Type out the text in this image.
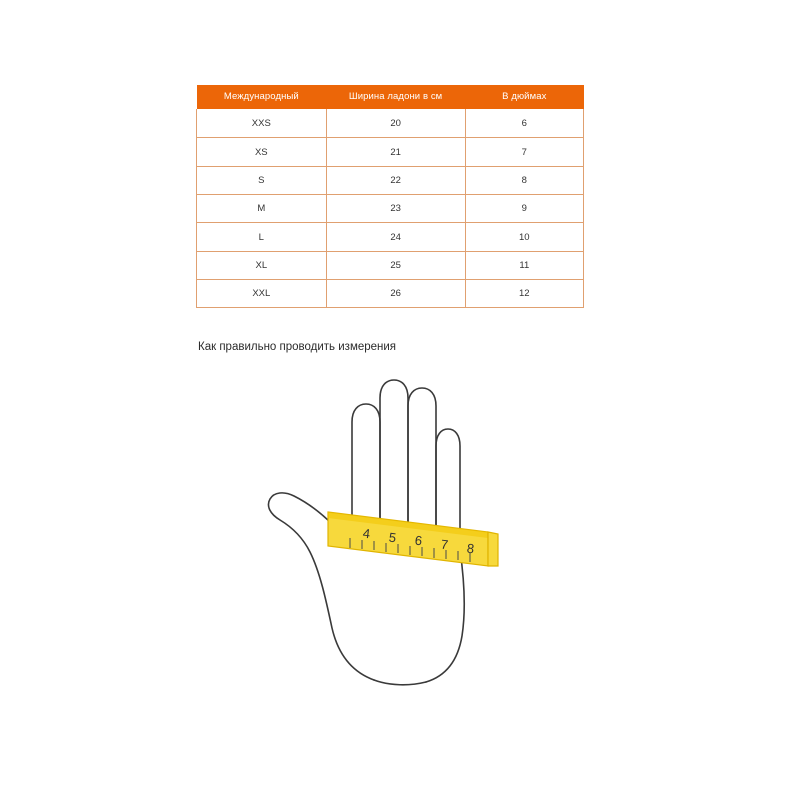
Международный	Ширина ладони в см	В дюймах
XXS	20	6
XS	21	7
S	22	8
M	23	9
L	24	10
XL	25	11
XXL	26	12
Как правильно проводить измерения
4 5 6 7 8
